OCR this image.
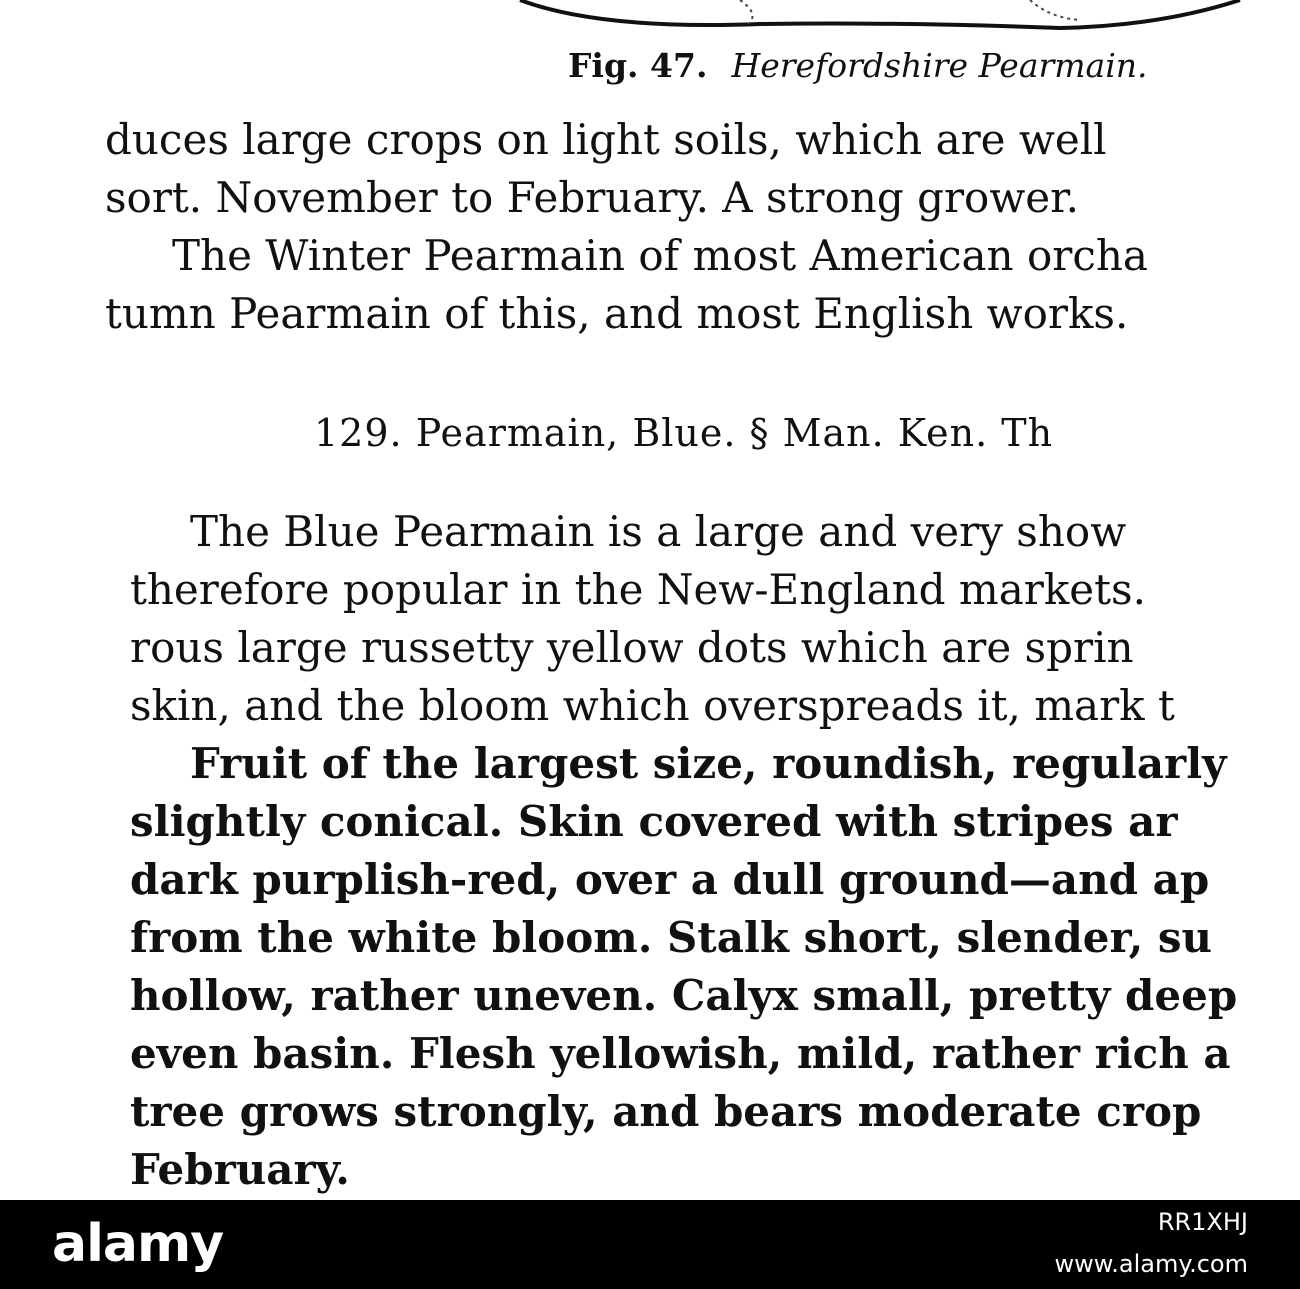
Fig. 47. Herefordshire Pearmain.
duces large crops on light soils, which are well
sort. November to February. A strong grower.
The Winter Pearmain of most American orcha
tumn Pearmain of this, and most English works.
129. Pearmain, Blue. § Man. Ken. Th
The Blue Pearmain is a large and very show
therefore popular in the New-England markets.
rous large russetty yellow dots which are sprin
skin, and the bloom which overspreads it, mark t
Fruit of the largest size, roundish, regularly
slightly conical. Skin covered with stripes ar
dark purplish-red, over a dull ground—and ap
from the white bloom. Stalk short, slender, su
hollow, rather uneven. Calyx small, pretty deep
even basin. Flesh yellowish, mild, rather rich a
tree grows strongly, and bears moderate crop
February.
alamy	RR1XHJ
www.alamy.com
